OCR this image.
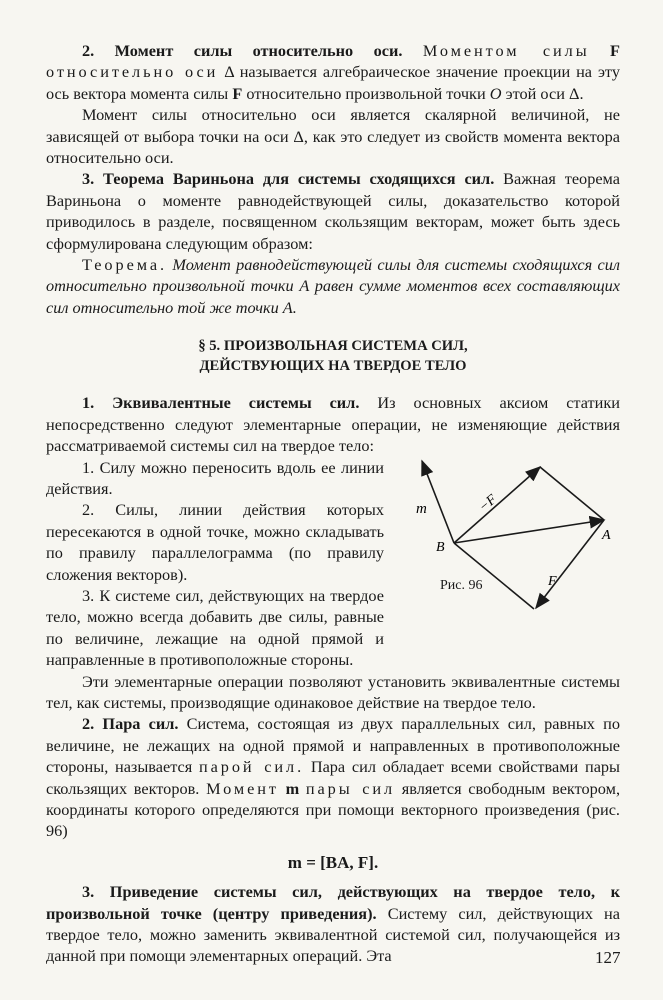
2. Момент силы относительно оси. Моментом силы F относительно оси Δ называется алгебраическое значение проекции на эту ось вектора момента силы F относительно произвольной точки O этой оси Δ.

Момент силы относительно оси является скалярной величиной, не зависящей от выбора точки на оси Δ, как это следует из свойств момента вектора относительно оси.

3. Теорема Вариньона для системы сходящихся сил. Важная теорема Вариньона о моменте равнодействующей силы, доказательство которой приводилось в разделе, посвященном скользящим векторам, может быть здесь сформулирована следующим образом:

Теорема. Момент равнодействующей силы для системы сходящихся сил относительно произвольной точки A равен сумме моментов всех составляющих сил относительно той же точки A.

§ 5. ПРОИЗВОЛЬНАЯ СИСТЕМА СИЛ,
ДЕЙСТВУЮЩИХ НА ТВЕРДОЕ ТЕЛО

1. Эквивалентные системы сил. Из основных аксиом статики непосредственно следуют элементарные операции, не изменяющие действия рассматриваемой системы сил на твердое тело:

1. Силу можно переносить вдоль ее линии действия.

2. Силы, линии действия которых пересекаются в одной точке, можно складывать по правилу параллелограмма (по правилу сложения векторов).

3. К системе сил, действующих на твердое тело, можно всегда добавить две силы, равные по величине, лежащие на одной прямой и направленные в противоположные стороны.

m	−F
F
A
B

Эти элементарные операции позволяют установить эквивалентные системы тел, как системы, производящие одинаковое действие на твердое тело.

2. Пара сил. Система, состоящая из двух параллельных сил, равных по величине, не лежащих на одной прямой и направленных в противоположные стороны, называется парой сил. Пара сил обладает всеми свойствами пары скользящих векторов. Момент m пары сил является свободным вектором, координаты которого определяются при помощи векторного произведения (рис. 96)

m = [BA, F].

3. Приведение системы сил, действующих на твердое тело, к произвольной точке (центру приведения). Систему сил, действующих на твердое тело, можно заменить эквивалентной системой сил, получающейся из данной при помощи элементарных операций. Эта

Рис. 96
127
